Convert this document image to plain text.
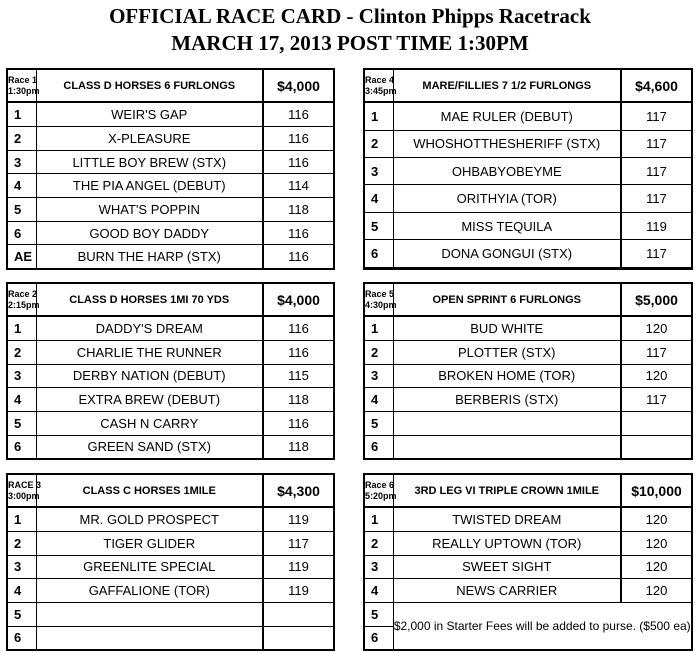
OFFICIAL RACE CARD - Clinton Phipps Racetrack
MARCH 17, 2013 POST TIME 1:30PM
Race 1
1:30pm	CLASS D HORSES 6 FURLONGS	$4,000
1	WEIR'S GAP	116
2	X-PLEASURE	116
3	LITTLE BOY BREW (STX)	116
4	THE PIA ANGEL (DEBUT)	114
5	WHAT'S POPPIN	118
6	GOOD BOY DADDY	116
AE	BURN THE HARP (STX)	116
Race 4
3:45pm	MARE/FILLIES 7 1/2 FURLONGS	$4,600
1	MAE RULER (DEBUT)	117
2	WHOSHOTTHESHERIFF (STX)	117
3	OHBABYOBEYME	117
4	ORITHYIA (TOR)	117
5	MISS TEQUILA	119
6	DONA GONGUI (STX)	117

Race 2
2:15pm	CLASS D HORSES 1MI 70 YDS	$4,000
1	DADDY'S DREAM	116
2	CHARLIE THE RUNNER	116
3	DERBY NATION (DEBUT)	115
4	EXTRA BREW (DEBUT)	118
5	CASH N CARRY	116
6	GREEN SAND (STX)	118
Race 5
4:30pm	OPEN SPRINT 6 FURLONGS	$5,000
1	BUD WHITE	120
2	PLOTTER (STX)	117
3	BROKEN HOME (TOR)	120
4	BERBERIS (STX)	117
5		
6		
RACE 3
3:00pm	CLASS C HORSES 1MILE	$4,300
1	MR. GOLD PROSPECT	119
2	TIGER GLIDER	117
3	GREENLITE SPECIAL	119
4	GAFFALIONE (TOR)	119
5		
6		
Race 6
5:20pm	3RD LEG VI TRIPLE CROWN 1MILE	$10,000
1	TWISTED DREAM	120
2	REALLY UPTOWN (TOR)	120
3	SWEET SIGHT	120
4	NEWS CARRIER	120
5	$2,000 in Starter Fees will be added to purse. ($500 ea)	
6		
